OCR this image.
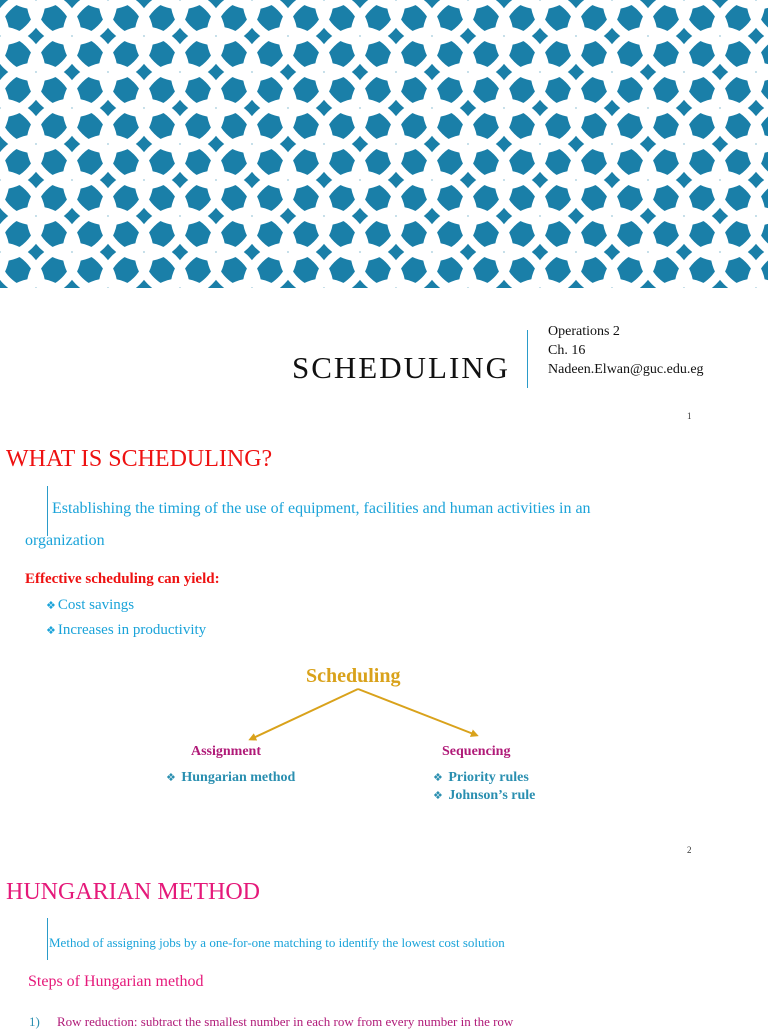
SCHEDULING
Operations 2
Ch. 16
Nadeen.Elwan@guc.edu.eg
1
WHAT IS SCHEDULING?
Establishing the timing of the use of equipment, facilities and human activities in an
organization
Effective scheduling can yield:
❖ Cost savings
❖ Increases in productivity
Scheduling
Assignment	Sequencing
❖ Hungarian method	❖ Priority rules
❖ Johnson’s rule
2
HUNGARIAN METHOD
Method of assigning jobs by a one-for-one matching to identify the lowest cost solution
Steps of Hungarian method
1) Row reduction: subtract the smallest number in each row from every number in the row
